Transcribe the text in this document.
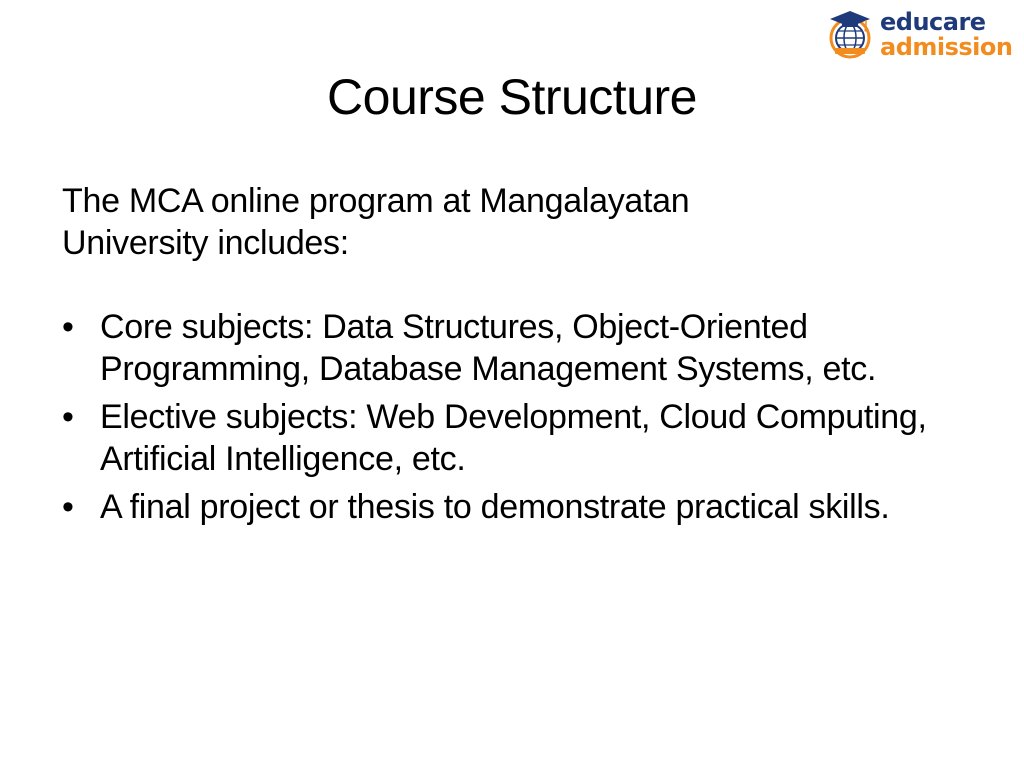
educare
admission
Course Structure

The MCA online program at Mangalayatan University includes:

• Core subjects: Data Structures, Object-Oriented Programming, Database Management Systems, etc.
• Elective subjects: Web Development, Cloud Computing, Artificial Intelligence, etc.
• A final project or thesis to demonstrate practical skills.
